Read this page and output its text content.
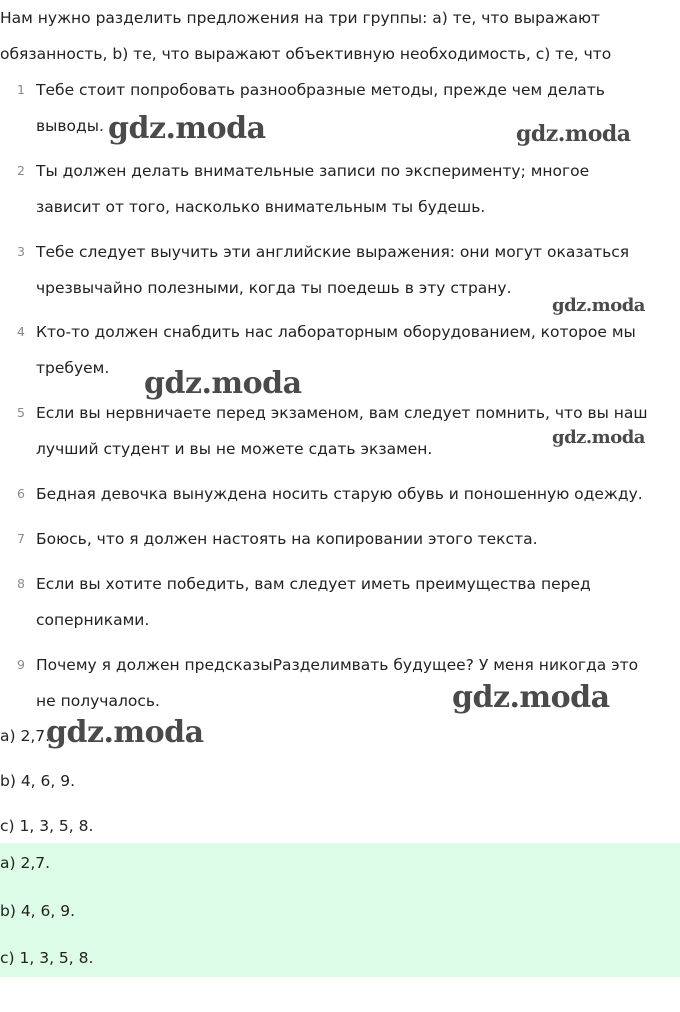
Нам нужно разделить предложения на три группы: a) те, что выражают
обязанность, b) те, что выражают объективную необходимость, c) те, что
1 Тебе стоит попробовать разнообразные методы, прежде чем делать
выводы.
2 Ты должен делать внимательные записи по эксперименту; многое
зависит от того, насколько внимательным ты будешь.
3 Тебе следует выучить эти английские выражения: они могут оказаться
чрезвычайно полезными, когда ты поедешь в эту страну.
4 Кто-то должен снабдить нас лабораторным оборудованием, которое мы
требуем.
5 Если вы нервничаете перед экзаменом, вам следует помнить, что вы наш
лучший студент и вы не можете сдать экзамен.
6 Бедная девочка вынуждена носить старую обувь и поношенную одежду.
7 Боюсь, что я должен настоять на копировании этого текста.
8 Если вы хотите победить, вам следует иметь преимущества перед
соперниками.
9 Почему я должен предсказыРазделимвать будущее? У меня никогда это
не получалось.
a) 2,7.
b) 4, 6, 9.
c) 1, 3, 5, 8.
a) 2,7.
b) 4, 6, 9.
c) 1, 3, 5, 8.
gdz.moda	gdz.moda
gdz.moda
gdz.moda
gdz.moda
gdz.moda
gdz.moda
